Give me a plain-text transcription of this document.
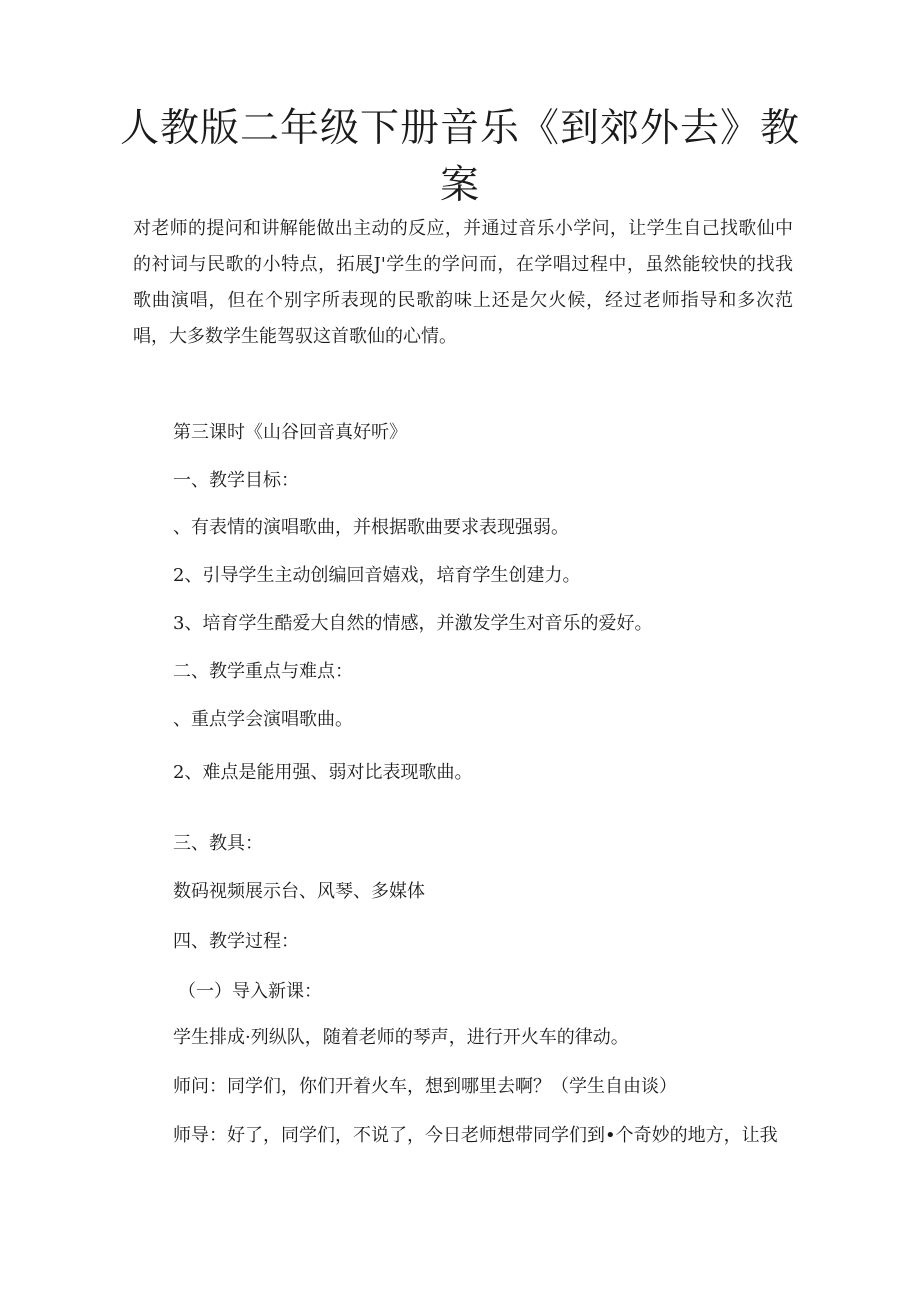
人教版二年级下册音乐《到郊外去》教案

对老师的提问和讲解能做出主动的反应，并通过音乐小学问，让学生自己找歌仙中的衬词与民歌的小特点，拓展J'学生的学问而，在学唱过程中，虽然能较快的找我歌曲演唱，但在个别字所表现的民歌韵味上还是欠火候，经过老师指导和多次范唱，大多数学生能驾驭这首歌仙的心情。

第三课时《山谷回音真好听》

一、教学目标：

、有表情的演唱歌曲，并根据歌曲要求表现强弱。

2、引导学生主动创编回音嬉戏，培育学生创建力。

3、培育学生酷爱大自然的情感，并激发学生对音乐的爱好。

二、教学重点与难点：

、重点学会演唱歌曲。

2、难点是能用强、弱对比表现歌曲。

三、教具：

数码视频展示台、风琴、多媒体

四、教学过程：

（一）导入新课：

学生排成·列纵队，随着老师的琴声，进行开火车的律动。

师问：同学们，你们开着火车，想到哪里去啊？（学生自由谈）

师导：好了，同学们，不说了，今日老师想带同学们到•个奇妙的地方，让我
